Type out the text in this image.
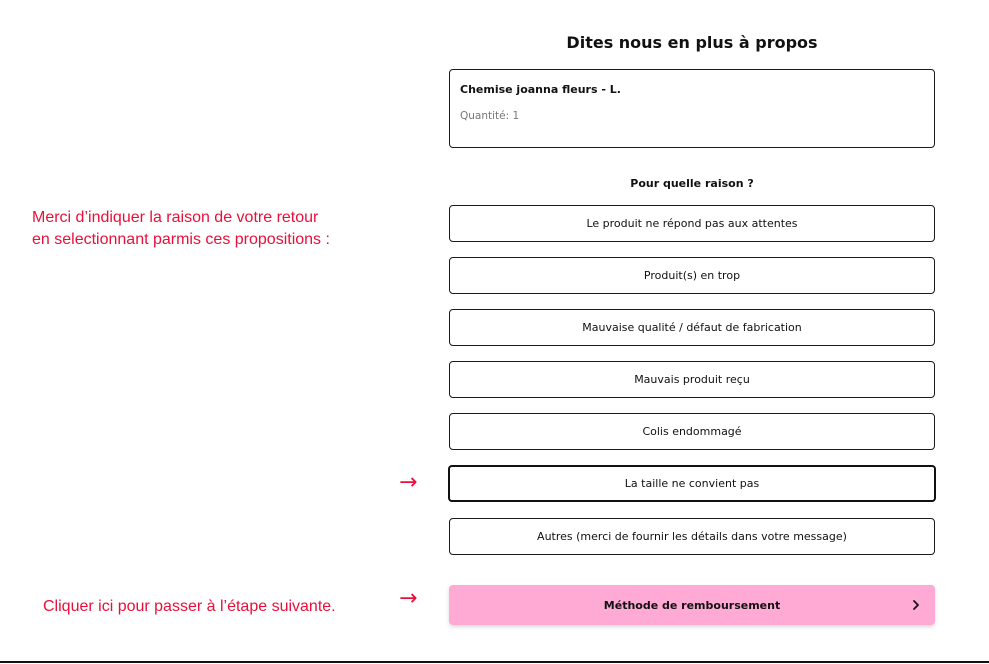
Dites nous en plus à propos
Chemise joanna fleurs - L.
Quantité: 1
Pour quelle raison ?
Merci d’indiquer la raison de votre retour
en selectionnant parmis ces propositions :
Le produit ne répond pas aux attentes
Produit(s) en trop
Mauvaise qualité / défaut de fabrication
Mauvais produit reçu
Colis endommagé
→	La taille ne convient pas
Autres (merci de fournir les détails dans votre message)
Cliquer ici pour passer à l’étape suivante.	→	Méthode de remboursement
